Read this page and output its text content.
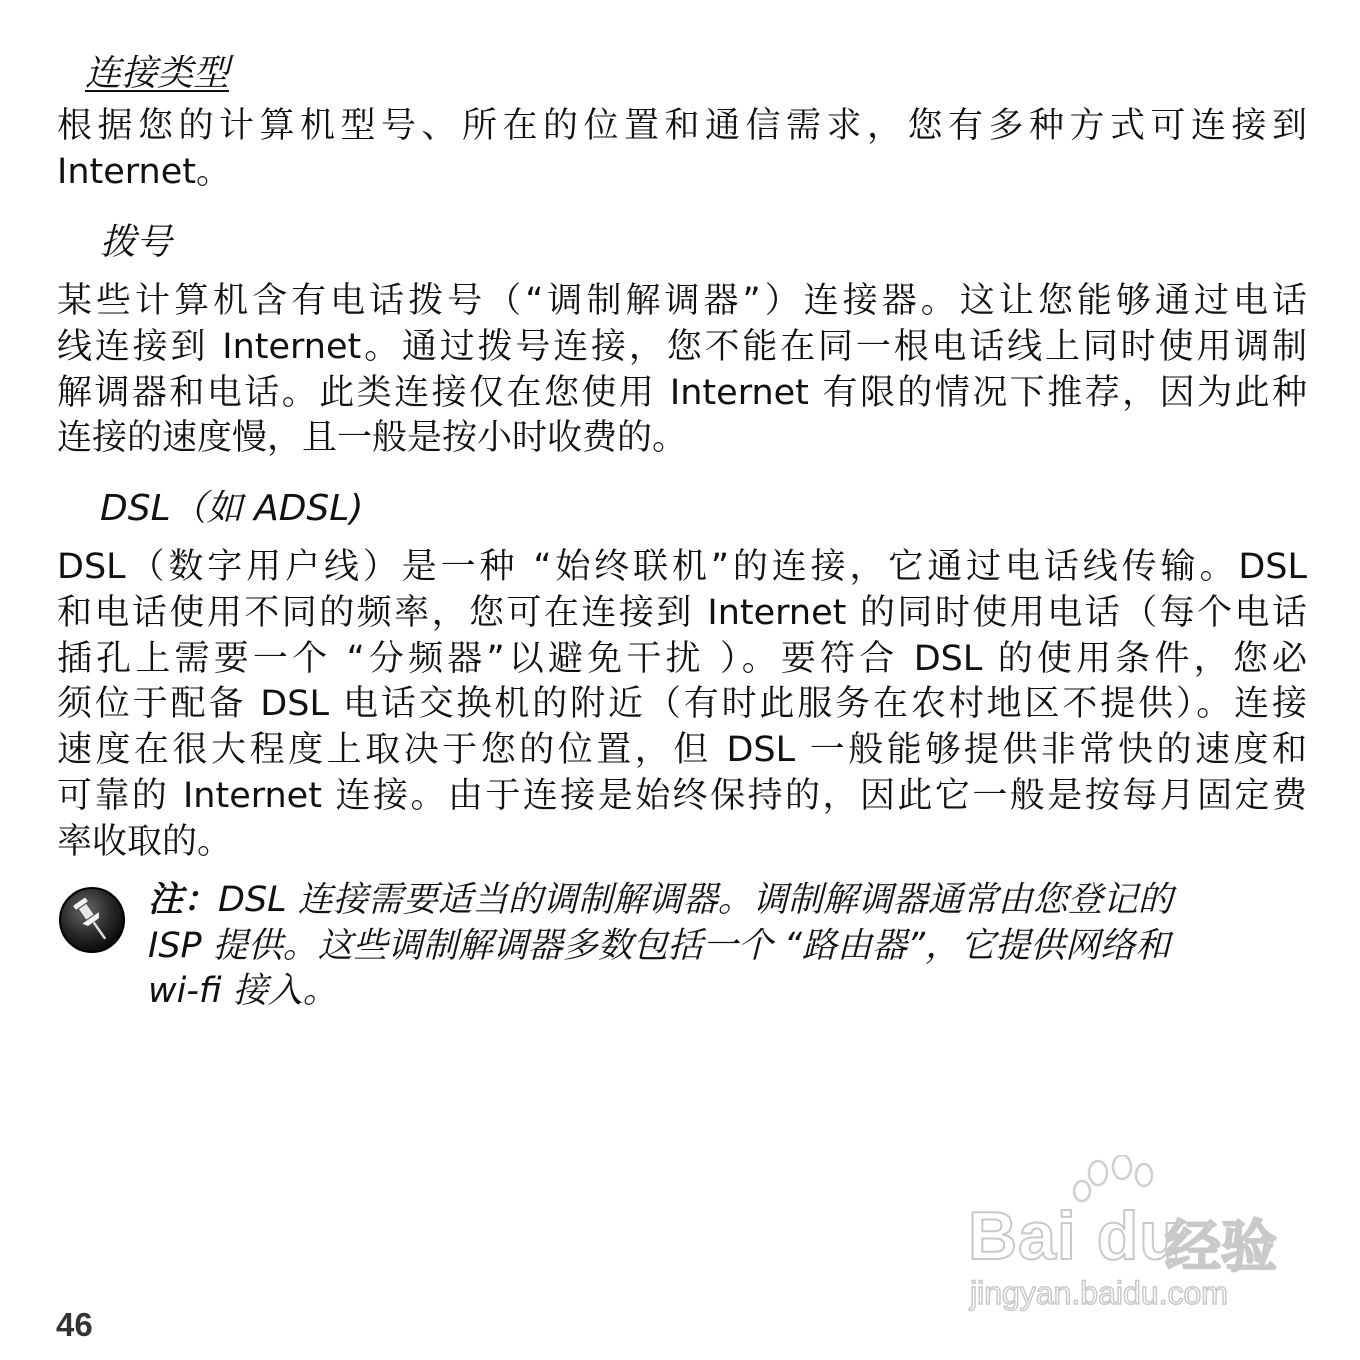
连接类型
根据您的计算机型号、所在的位置和通信需求，您有多种方式可连接到
Internet。
拨号
某些计算机含有电话拨号（“调制解调器”）连接器。这让您能够通过电话
线连接到 Internet。通过拨号连接，您不能在同一根电话线上同时使用调制
解调器和电话。此类连接仅在您使用 Internet 有限的情况下推荐，因为此种
连接的速度慢，且一般是按小时收费的。
DSL（如 ADSL)
DSL（数字用户线）是一种 “始终联机”的连接，它通过电话线传输。DSL
和电话使用不同的频率，您可在连接到 Internet 的同时使用电话（每个电话
插孔上需要一个 “分频器”以避免干扰 ）。要符合 DSL 的使用条件，您必
须位于配备 DSL 电话交换机的附近（有时此服务在农村地区不提供）。连接
速度在很大程度上取决于您的位置，但 DSL 一般能够提供非常快的速度和
可靠的 Internet 连接。由于连接是始终保持的，因此它一般是按每月固定费
率收取的。
注：DSL 连接需要适当的调制解调器。调制解调器通常由您登记的
ISP 提供。这些调制解调器多数包括一个 “路由器”，它提供网络和
wi-fi 接入。
46
Bai du
经验
jingyan.baidu.com
